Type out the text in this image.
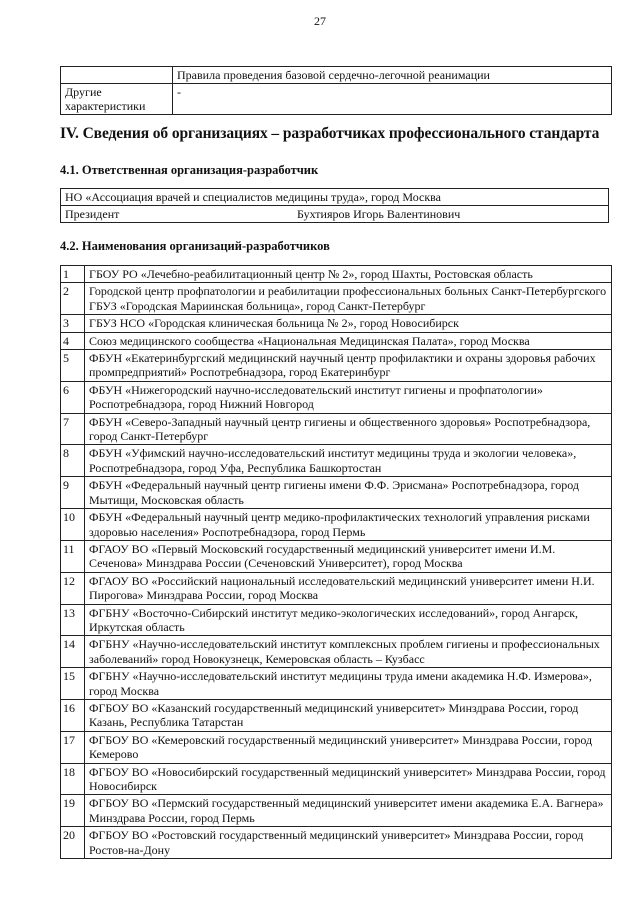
27
	Правила проведения базовой сердечно-легочной реанимации
Другие характеристики	-
IV. Сведения об организациях – разработчиках профессионального стандарта
4.1. Ответственная организация-разработчик
НО «Ассоциация врачей и специалистов медицины труда», город Москва

Президент	Бухтияров Игорь Валентинович
4.2. Наименования организаций-разработчиков
1	ГБОУ РО «Лечебно-реабилитационный центр № 2», город Шахты, Ростовская область
2	Городской центр профпатологии и реабилитации профессиональных больных Санкт-Петербургского ГБУЗ «Городская Мариинская больница», город Санкт-Петербург
3	ГБУЗ НСО «Городская клиническая больница № 2», город Новосибирск
4	Союз медицинского сообщества «Национальная Медицинская Палата», город Москва
5	ФБУН «Екатеринбургский медицинский научный центр профилактики и охраны здоровья рабочих промпредприятий» Роспотребнадзора, город Екатеринбург
6	ФБУН «Нижегородский научно-исследовательский институт гигиены и профпатологии» Роспотребнадзора, город Нижний Новгород
7	ФБУН «Северо-Западный научный центр гигиены и общественного здоровья» Роспотребнадзора, город Санкт-Петербург
8	ФБУН «Уфимский научно-исследовательский институт медицины труда и экологии человека», Роспотребнадзора, город Уфа, Республика Башкортостан
9	ФБУН «Федеральный научный центр гигиены имени Ф.Ф. Эрисмана» Роспотребнадзора, город Мытищи, Московская область
10	ФБУН «Федеральный научный центр медико-профилактических технологий управления рисками здоровью населения» Роспотребнадзора, город Пермь
11	ФГАОУ ВО «Первый Московский государственный медицинский университет имени И.М. Сеченова» Минздрава России (Сеченовский Университет), город Москва
12	ФГАОУ ВО «Российский национальный исследовательский медицинский университет имени Н.И. Пирогова» Минздрава России, город Москва
13	ФГБНУ «Восточно-Сибирский институт медико-экологических исследований», город Ангарск, Иркутская область
14	ФГБНУ «Научно-исследовательский институт комплексных проблем гигиены и профессиональных заболеваний» город Новокузнецк, Кемеровская область – Кузбасс
15	ФГБНУ «Научно-исследовательский институт медицины труда имени академика Н.Ф. Измерова», город Москва
16	ФГБОУ ВО «Казанский государственный медицинский университет» Минздрава России, город Казань, Республика Татарстан
17	ФГБОУ ВО «Кемеровский государственный медицинский университет» Минздрава России, город Кемерово
18	ФГБОУ ВО «Новосибирский государственный медицинский университет» Минздрава России, город Новосибирск
19	ФГБОУ ВО «Пермский государственный медицинский университет имени академика Е.А. Вагнера» Минздрава России, город Пермь
20	ФГБОУ ВО «Ростовский государственный медицинский университет» Минздрава России, город Ростов-на-Дону
